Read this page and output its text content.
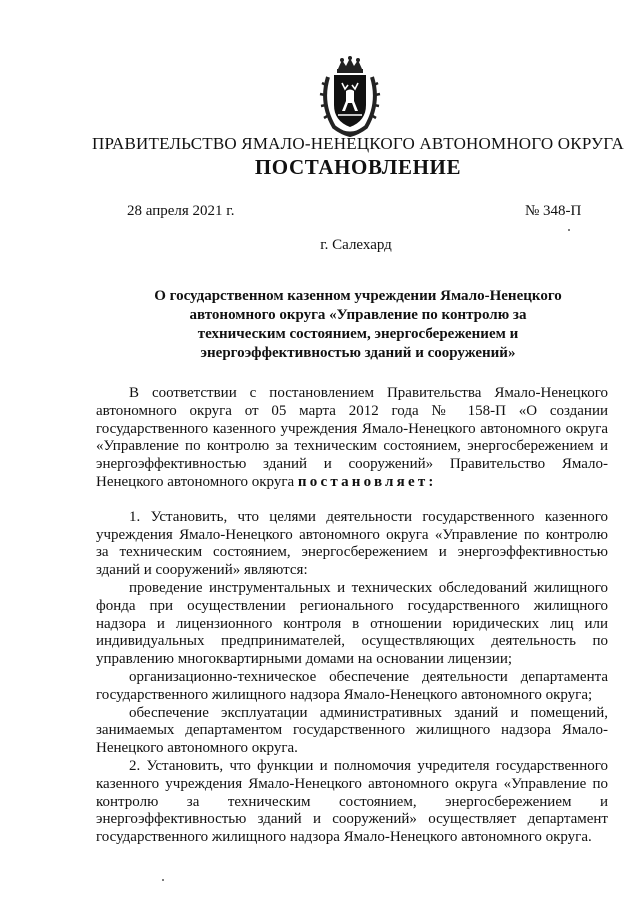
ПРАВИТЕЛЬСТВО ЯМАЛО-НЕНЕЦКОГО АВТОНОМНОГО ОКРУГА
ПОСТАНОВЛЕНИЕ
28 апреля 2021 г.	№ 348-П
г. Салехард
О государственном казенном учреждении Ямало-Ненецкого автономного округа «Управление по контролю за техническим состоянием, энергосбережением и энергоэффективностью зданий и сооружений»

В соответствии с постановлением Правительства Ямало-Ненецкого автономного округа от 05 марта 2012 года № 158-П «О создании государственного казенного учреждения Ямало-Ненецкого автономного округа «Управление по контролю за техническим состоянием, энергосбережением и энергоэффективностью зданий и сооружений» Правительство Ямало-Ненецкого автономного округа постановляет:

1. Установить, что целями деятельности государственного казенного учреждения Ямало-Ненецкого автономного округа «Управление по контролю за техническим состоянием, энергосбережением и энергоэффективностью зданий и сооружений» являются:

проведение инструментальных и технических обследований жилищного фонда при осуществлении регионального государственного жилищного надзора и лицензионного контроля в отношении юридических лиц или индивидуальных предпринимателей, осуществляющих деятельность по управлению многоквартирными домами на основании лицензии;

организационно-техническое обеспечение деятельности департамента государственного жилищного надзора Ямало-Ненецкого автономного округа;

обеспечение эксплуатации административных зданий и помещений, занимаемых департаментом государственного жилищного надзора Ямало-Ненецкого автономного округа.

2. Установить, что функции и полномочия учредителя государственного казенного учреждения Ямало-Ненецкого автономного округа «Управление по контролю за техническим состоянием, энергосбережением и энергоэффективностью зданий и сооружений» осуществляет департамент государственного жилищного надзора Ямало-Ненецкого автономного округа.
